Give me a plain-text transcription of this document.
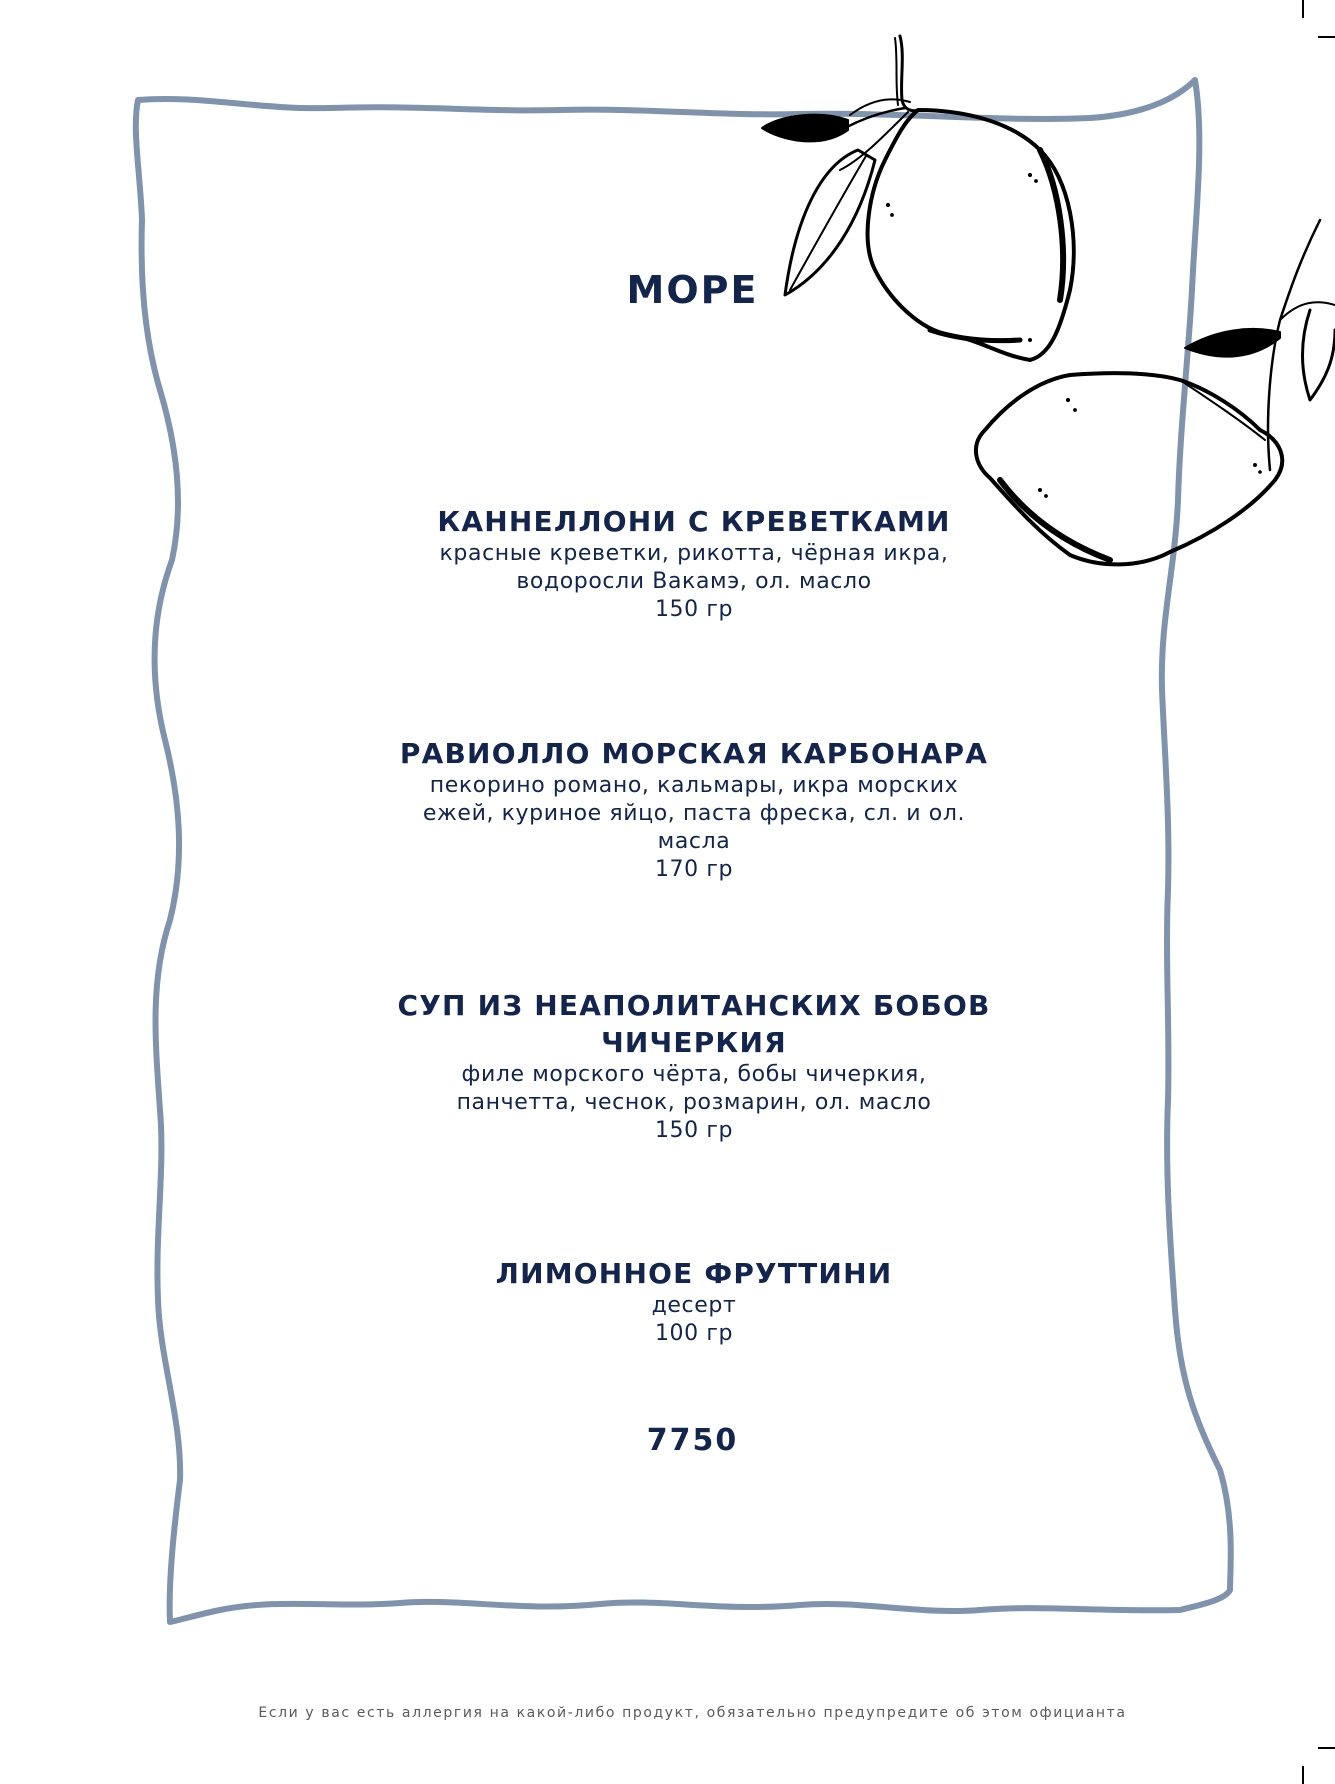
МОРЕ
КАННЕЛЛОНИ С КРЕВЕТКАМИ
красные креветки, рикотта, чёрная икра,
водоросли Вакамэ, ол. масло
150 гр
РАВИОЛЛО МОРСКАЯ КАРБОНАРА
пекорино романо, кальмары, икра морских
ежей, куриное яйцо, паста фреска, сл. и ол.
масла
170 гр
СУП ИЗ НЕАПОЛИТАНСКИХ БОБОВ
ЧИЧЕРКИЯ
филе морского чёрта, бобы чичеркия,
панчетта, чеснок, розмарин, ол. масло
150 гр
ЛИМОННОЕ ФРУТТИНИ
десерт
100 гр
7750
Если у вас есть аллергия на какой-либо продукт, обязательно предупредите об этом официанта
